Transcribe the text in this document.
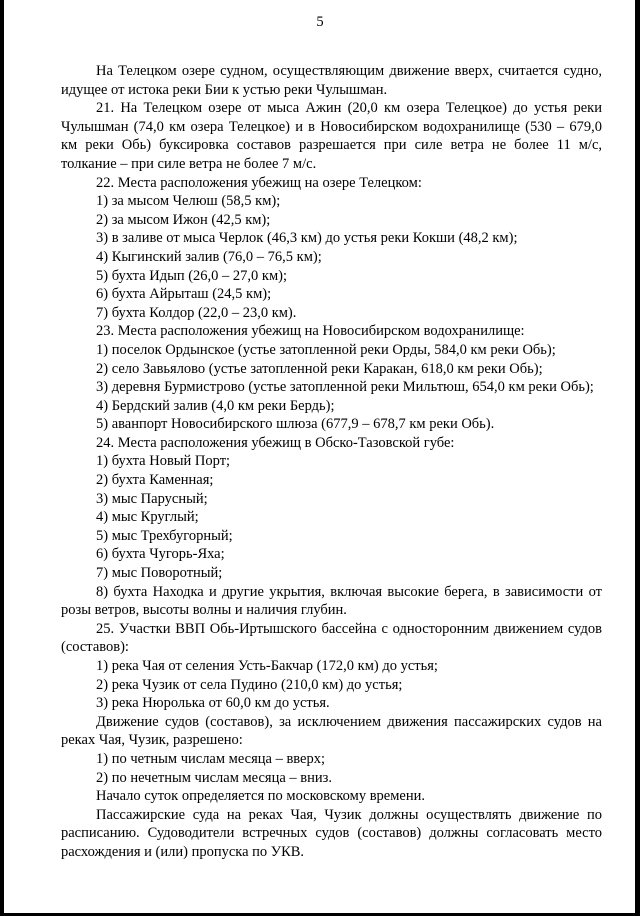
5

На Телецком озере судном, осуществляющим движение вверх, считается судно, идущее от истока реки Бии к устью реки Чулышман.

21. На Телецком озере от мыса Ажин (20,0 км озера Телецкое) до устья реки Чулышман (74,0 км озера Телецкое) и в Новосибирском водохранилище (530 – 679,0 км реки Обь) буксировка составов разрешается при силе ветра не более 11 м/с, толкание – при силе ветра не более 7 м/с.

22. Места расположения убежищ на озере Телецком:

1) за мысом Челюш (58,5 км);

2) за мысом Ижон (42,5 км);

3) в заливе от мыса Черлок (46,3 км) до устья реки Кокши (48,2 км);

4) Кыгинский залив (76,0 – 76,5 км);

5) бухта Идып (26,0 – 27,0 км);

6) бухта Айрыташ (24,5 км);

7) бухта Колдор (22,0 – 23,0 км).

23. Места расположения убежищ на Новосибирском водохранилище:

1) поселок Ордынское (устье затопленной реки Орды, 584,0 км реки Обь);

2) село Завьялово (устье затопленной реки Каракан, 618,0 км реки Обь);

3) деревня Бурмистрово (устье затопленной реки Мильтюш, 654,0 км реки Обь);

4) Бердский залив (4,0 км реки Бердь);

5) аванпорт Новосибирского шлюза (677,9 – 678,7 км реки Обь).

24. Места расположения убежищ в Обско-Тазовской губе:

1) бухта Новый Порт;

2) бухта Каменная;

3) мыс Парусный;

4) мыс Круглый;

5) мыс Трехбугорный;

6) бухта Чугорь-Яха;

7) мыс Поворотный;

8) бухта Находка и другие укрытия, включая высокие берега, в зависимости от розы ветров, высоты волны и наличия глубин.

25. Участки ВВП Обь-Иртышского бассейна с односторонним движением судов (составов):

1) река Чая от селения Усть-Бакчар (172,0 км) до устья;

2) река Чузик от села Пудино (210,0 км) до устья;

3) река Нюролька от 60,0 км до устья.

Движение судов (составов), за исключением движения пассажирских судов на реках Чая, Чузик, разрешено:

1) по четным числам месяца – вверх;

2) по нечетным числам месяца – вниз.

Начало суток определяется по московскому времени.

Пассажирские суда на реках Чая, Чузик должны осуществлять движение по расписанию. Судоводители встречных судов (составов) должны согласовать место расхождения и (или) пропуска по УКВ.
